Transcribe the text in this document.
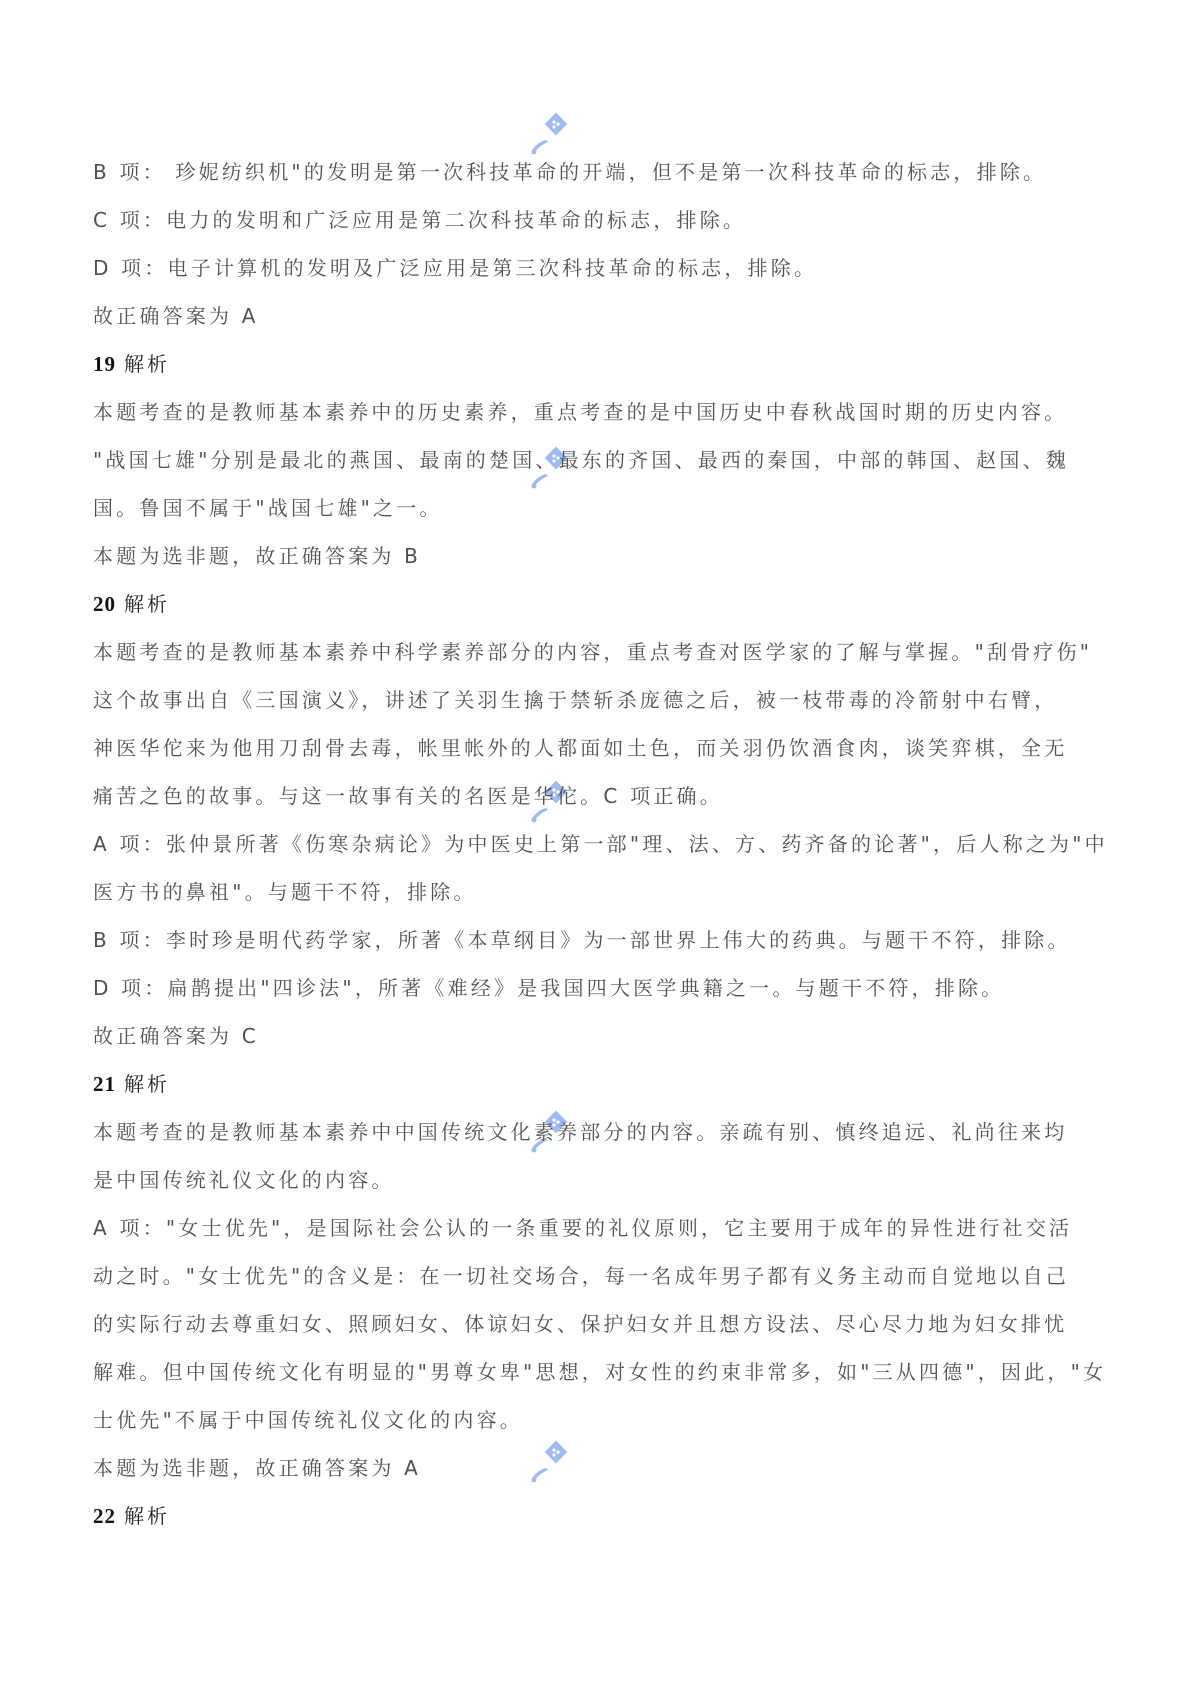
B 项： 珍妮纺织机"的发明是第一次科技革命的开端，但不是第一次科技革命的标志，排除。
C 项：电力的发明和广泛应用是第二次科技革命的标志，排除。
D 项：电子计算机的发明及广泛应用是第三次科技革命的标志，排除。
故正确答案为 A
19 解析
本题考查的是教师基本素养中的历史素养，重点考查的是中国历史中春秋战国时期的历史内容。
"战国七雄"分别是最北的燕国、最南的楚国、最东的齐国、最西的秦国，中部的韩国、赵国、魏
国。鲁国不属于"战国七雄"之一。
本题为选非题，故正确答案为 B
20 解析
本题考查的是教师基本素养中科学素养部分的内容，重点考查对医学家的了解与掌握。"刮骨疗伤"
这个故事出自《三国演义》，讲述了关羽生擒于禁斩杀庞德之后，被一枝带毒的冷箭射中右臂，
神医华佗来为他用刀刮骨去毒，帐里帐外的人都面如土色，而关羽仍饮酒食肉，谈笑弈棋，全无
痛苦之色的故事。与这一故事有关的名医是华佗。C 项正确。
A 项：张仲景所著《伤寒杂病论》为中医史上第一部"理、法、方、药齐备的论著"，后人称之为"中
医方书的鼻祖"。与题干不符，排除。
B 项：李时珍是明代药学家，所著《本草纲目》为一部世界上伟大的药典。与题干不符，排除。
D 项：扁鹊提出"四诊法"，所著《难经》是我国四大医学典籍之一。与题干不符，排除。
故正确答案为 C
21 解析
本题考查的是教师基本素养中中国传统文化素养部分的内容。亲疏有别、慎终追远、礼尚往来均
是中国传统礼仪文化的内容。
A 项："女士优先"，是国际社会公认的一条重要的礼仪原则，它主要用于成年的异性进行社交活
动之时。"女士优先"的含义是：在一切社交场合，每一名成年男子都有义务主动而自觉地以自己
的实际行动去尊重妇女、照顾妇女、体谅妇女、保护妇女并且想方设法、尽心尽力地为妇女排忧
解难。但中国传统文化有明显的"男尊女卑"思想，对女性的约束非常多，如"三从四德"，因此，"女
士优先"不属于中国传统礼仪文化的内容。
本题为选非题，故正确答案为 A
22 解析
